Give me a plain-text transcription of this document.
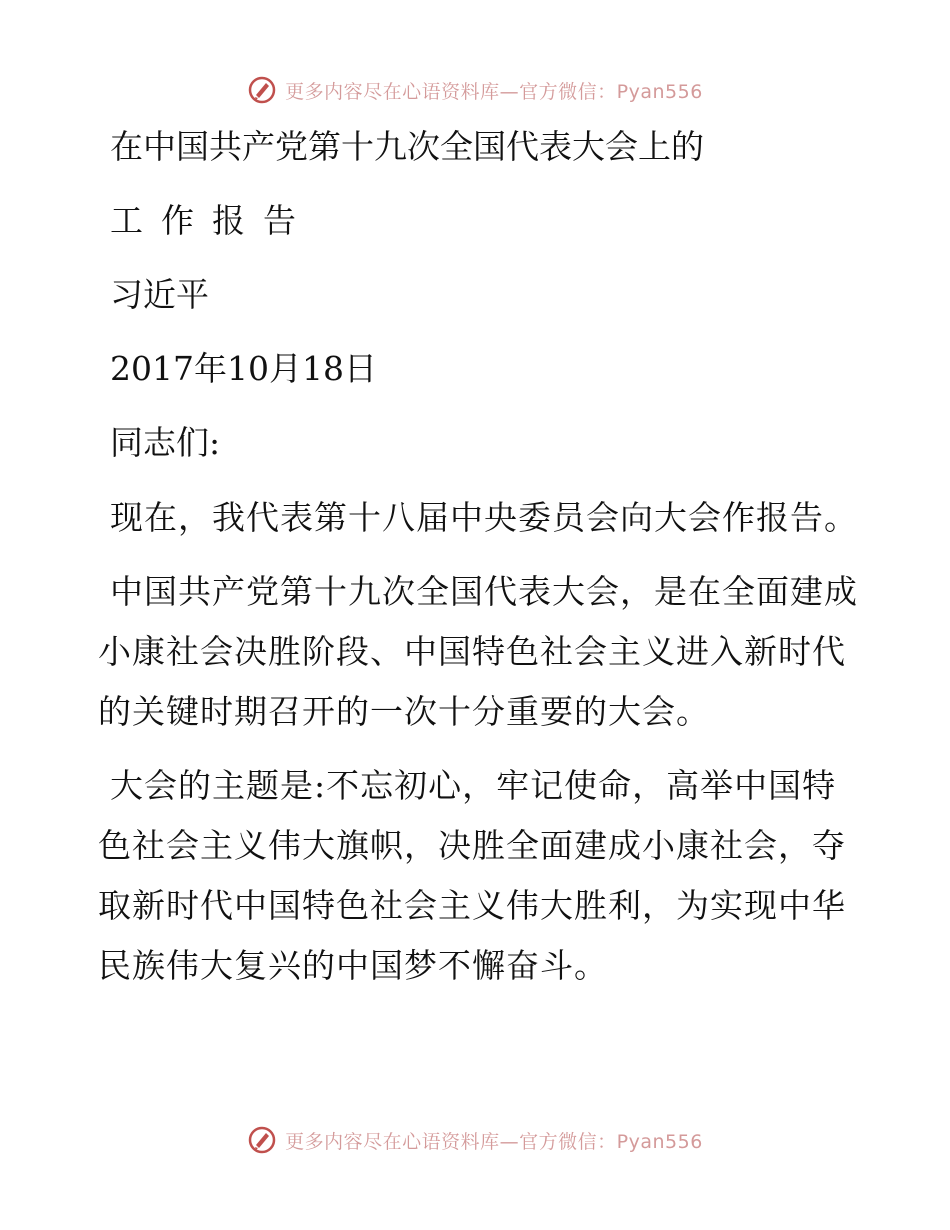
更多内容尽在心语资料库—官方微信：Pyan556
在中国共产党第十九次全国代表大会上的
工作报告
习近平
2017年10月18日
同志们:

现在，我代表第十八届中央委员会向大会作报告。

中国共产党第十九次全国代表大会，是在全面建成小康社会决胜阶段、中国特色社会主义进入新时代的关键时期召开的一次十分重要的大会。

大会的主题是:不忘初心，牢记使命，高举中国特色社会主义伟大旗帜，决胜全面建成小康社会，夺取新时代中国特色社会主义伟大胜利，为实现中华民族伟大复兴的中国梦不懈奋斗。

更多内容尽在心语资料库—官方微信：Pyan556
